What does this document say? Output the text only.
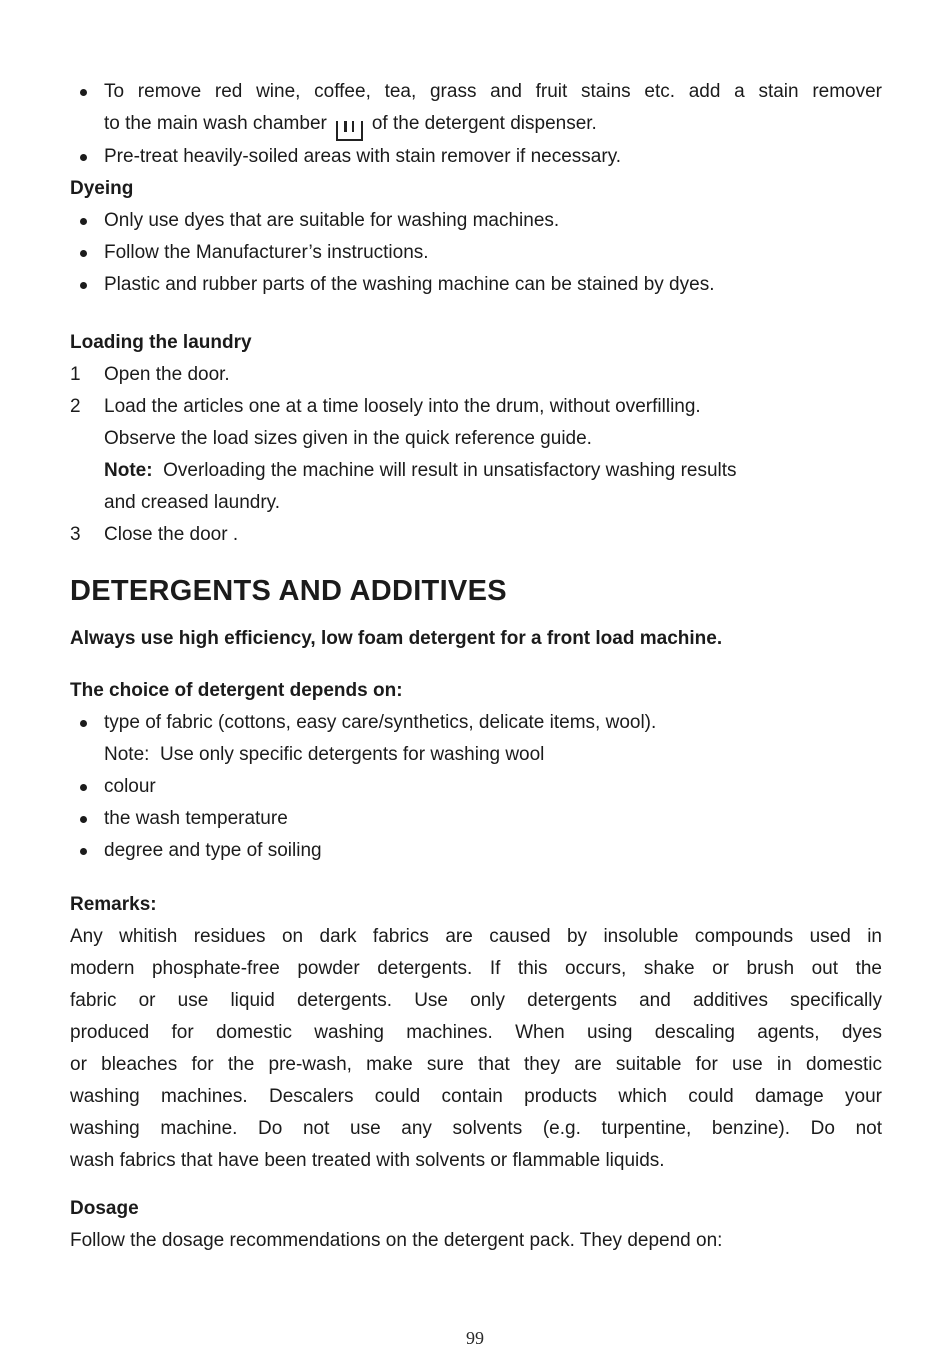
To remove red wine, coffee, tea, grass and fruit stains etc. add a stain remover
to the main wash chamber of the detergent dispenser.
Pre-treat heavily-soiled areas with stain remover if necessary.
Dyeing
Only use dyes that are suitable for washing machines.
Follow the Manufacturer’s instructions.
Plastic and rubber parts of the washing machine can be stained by dyes.
Loading the laundry
1	Open the door.
2	Load the articles one at a time loosely into the drum, without overfilling.
Observe the load sizes given in the quick reference guide.
Note:  Overloading the machine will result in unsatisfactory washing results
and creased laundry.
3	Close the door .
DETERGENTS AND ADDITIVES
Always use high efficiency, low foam detergent for a front load machine.
The choice of detergent depends on:
type of fabric (cottons, easy care/synthetics, delicate items, wool).
Note:  Use only specific detergents for washing wool
colour
the wash temperature
degree and type of soiling
Remarks:
Any whitish residues on dark fabrics are caused by insoluble compounds used in
modern phosphate-free powder detergents. If this occurs, shake or brush out the
fabric or use liquid detergents. Use only detergents and additives specifically
produced for domestic washing machines. When using descaling agents, dyes
or bleaches for the pre-wash, make sure that they are suitable for use in domestic
washing machines. Descalers could contain products which could damage your
washing machine. Do not use any solvents (e.g. turpentine, benzine). Do not
wash fabrics that have been treated with solvents or flammable liquids.
Dosage
Follow the dosage recommendations on the detergent pack. They depend on:
99
